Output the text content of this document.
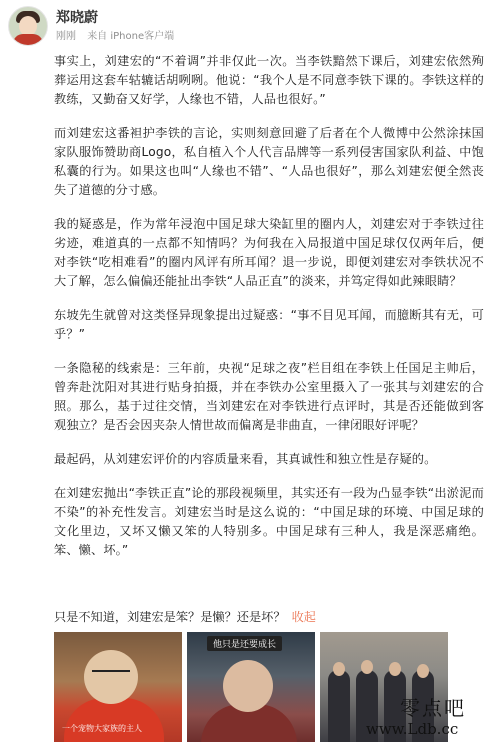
郑晓蔚
刚刚 来自 iPhone客户端

事实上，刘建宏的“不着调”并非仅此一次。当李铁黯然下课后，刘建宏依然殉葬运用这套车轱辘话胡咧咧。他说：“我个人是不同意李铁下课的。李铁这样的教练，又勤奋又好学，人缘也不错，人品也很好。”

而刘建宏这番袒护李铁的言论，实则刻意回避了后者在个人微博中公然涂抹国家队服饰赞助商Logo，私自植入个人代言品牌等一系列侵害国家队利益、中饱私囊的行为。如果这也叫“人缘也不错”、“人品也很好”，那么刘建宏便全然丧失了道德的分寸感。

我的疑惑是，作为常年浸泡中国足球大染缸里的圈内人，刘建宏对于李铁过往劣迹，难道真的一点都不知情吗？为何我在入局报道中国足球仅仅两年后，便对李铁“吃相难看”的圈内风评有所耳闻？退一步说，即便刘建宏对李铁状况不大了解，怎么偏偏还能扯出李铁“人品正直”的淡来，并笃定得如此辣眼睛？

东坡先生就曾对这类怪异现象提出过疑惑：“事不目见耳闻，而臆断其有无，可乎？”

一条隐秘的线索是：三年前，央视“足球之夜”栏目组在李铁上任国足主帅后，曾奔赴沈阳对其进行贴身拍摄，并在李铁办公室里摄入了一张其与刘建宏的合照。那么，基于过往交情，当刘建宏在对李铁进行点评时，其是否还能做到客观独立？是否会因夹杂人情世故而偏离是非曲直，一律闭眼好评呢？

最起码，从刘建宏评价的内容质量来看，其真诚性和独立性是存疑的。

在刘建宏抛出“李铁正直”论的那段视频里，其实还有一段为凸显李铁“出淤泥而不染”的补充性发言。刘建宏当时是这么说的：“中国足球的环境、中国足球的文化里边，又坏又懒又笨的人特别多。中国足球有三种人，我是深恶痛绝。笨、懒、坏。”

只是不知道，刘建宏是笨？是懒？还是坏？ 收起
一个宠物大家族的主人
他只是还要成长
零点吧
www.Ldb.cc
